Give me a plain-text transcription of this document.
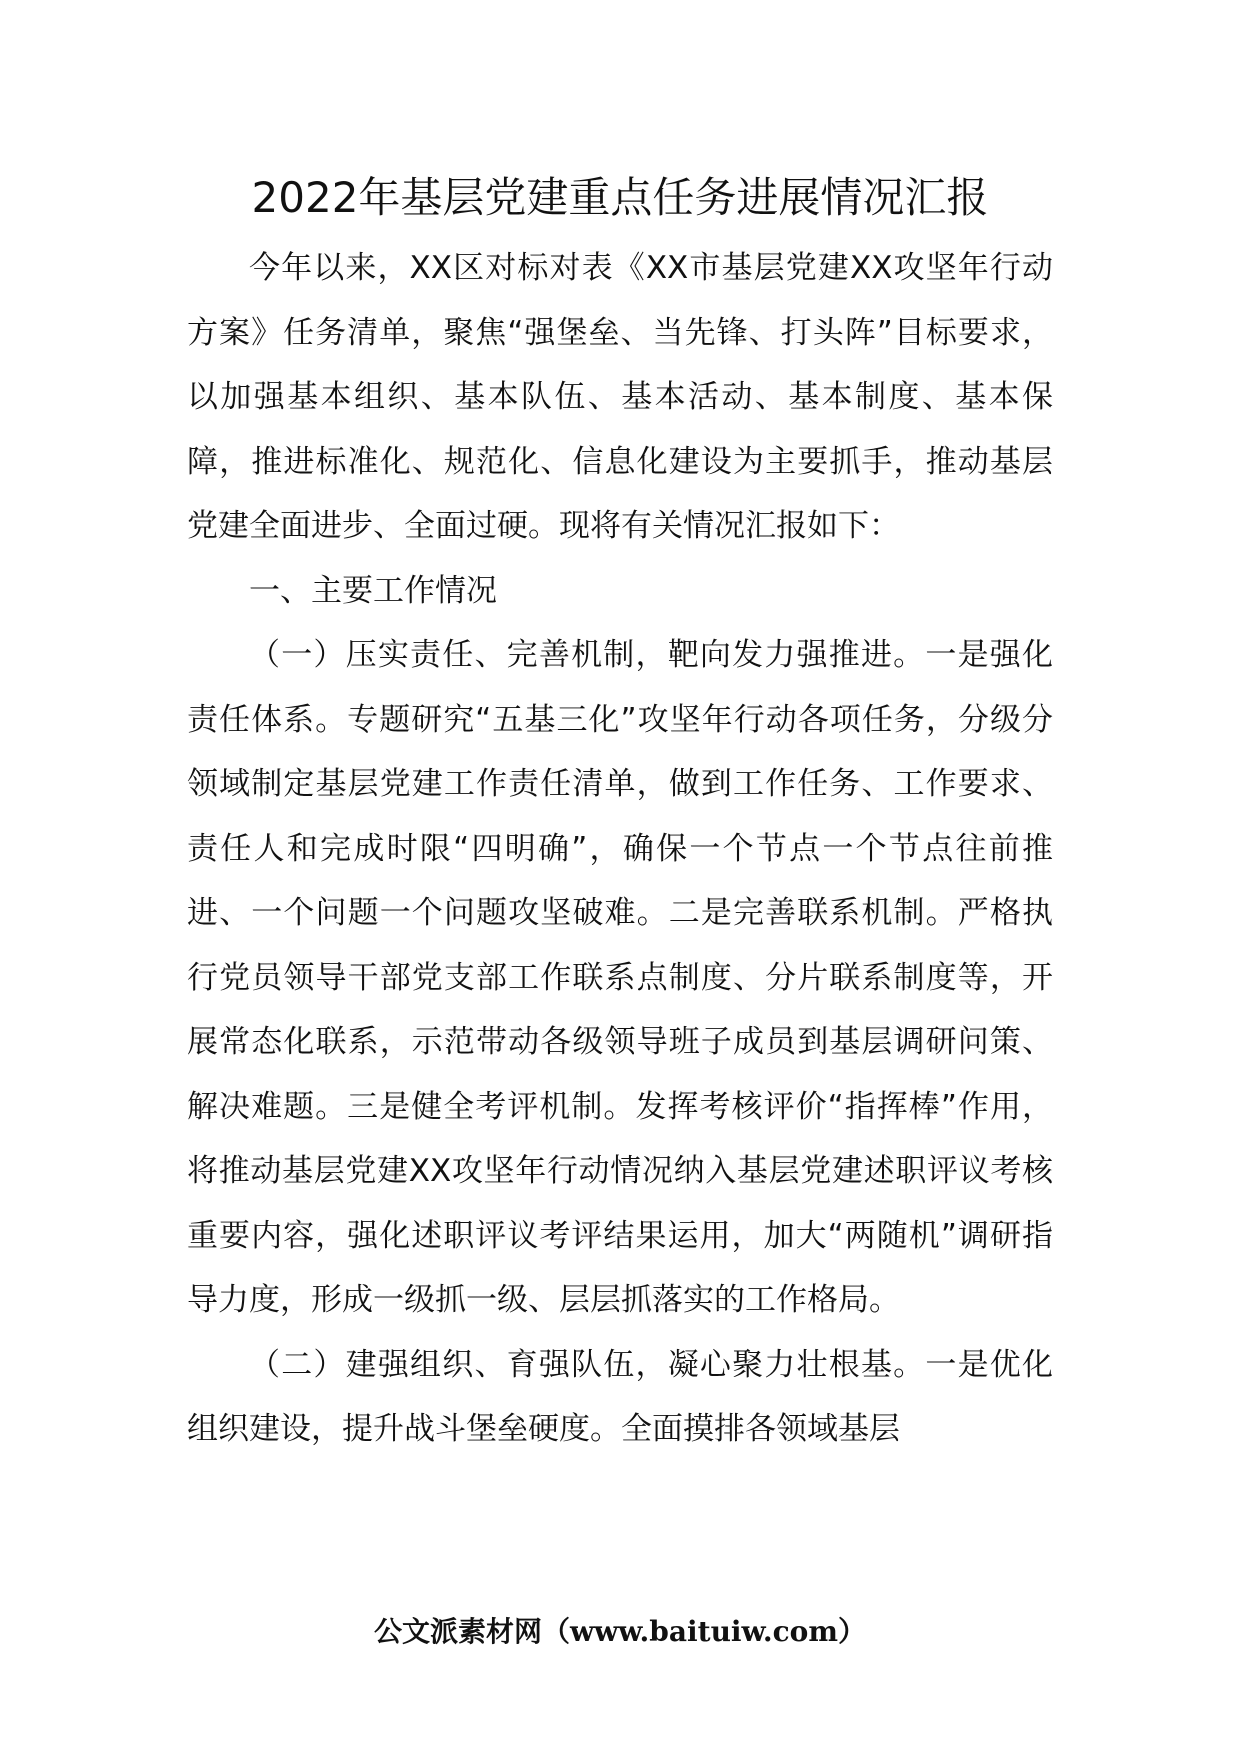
2022年基层党建重点任务进展情况汇报

今年以来，XX区对标对表《XX市基层党建XX攻坚年行动方案》任务清单，聚焦“强堡垒、当先锋、打头阵”目标要求，以加强基本组织、基本队伍、基本活动、基本制度、基本保障，推进标准化、规范化、信息化建设为主要抓手，推动基层党建全面进步、全面过硬。现将有关情况汇报如下：

一、主要工作情况

（一）压实责任、完善机制，靶向发力强推进。一是强化责任体系。专题研究“五基三化”攻坚年行动各项任务，分级分领域制定基层党建工作责任清单，做到工作任务、工作要求、责任人和完成时限“四明确”，确保一个节点一个节点往前推进、一个问题一个问题攻坚破难。二是完善联系机制。严格执行党员领导干部党支部工作联系点制度、分片联系制度等，开展常态化联系，示范带动各级领导班子成员到基层调研问策、解决难题。三是健全考评机制。发挥考核评价“指挥棒”作用，将推动基层党建XX攻坚年行动情况纳入基层党建述职评议考核重要内容，强化述职评议考评结果运用，加大“两随机”调研指导力度，形成一级抓一级、层层抓落实的工作格局。

（二）建强组织、育强队伍，凝心聚力壮根基。一是优化组织建设，提升战斗堡垒硬度。全面摸排各领域基层

公文派素材网（www.baituiw.com）
